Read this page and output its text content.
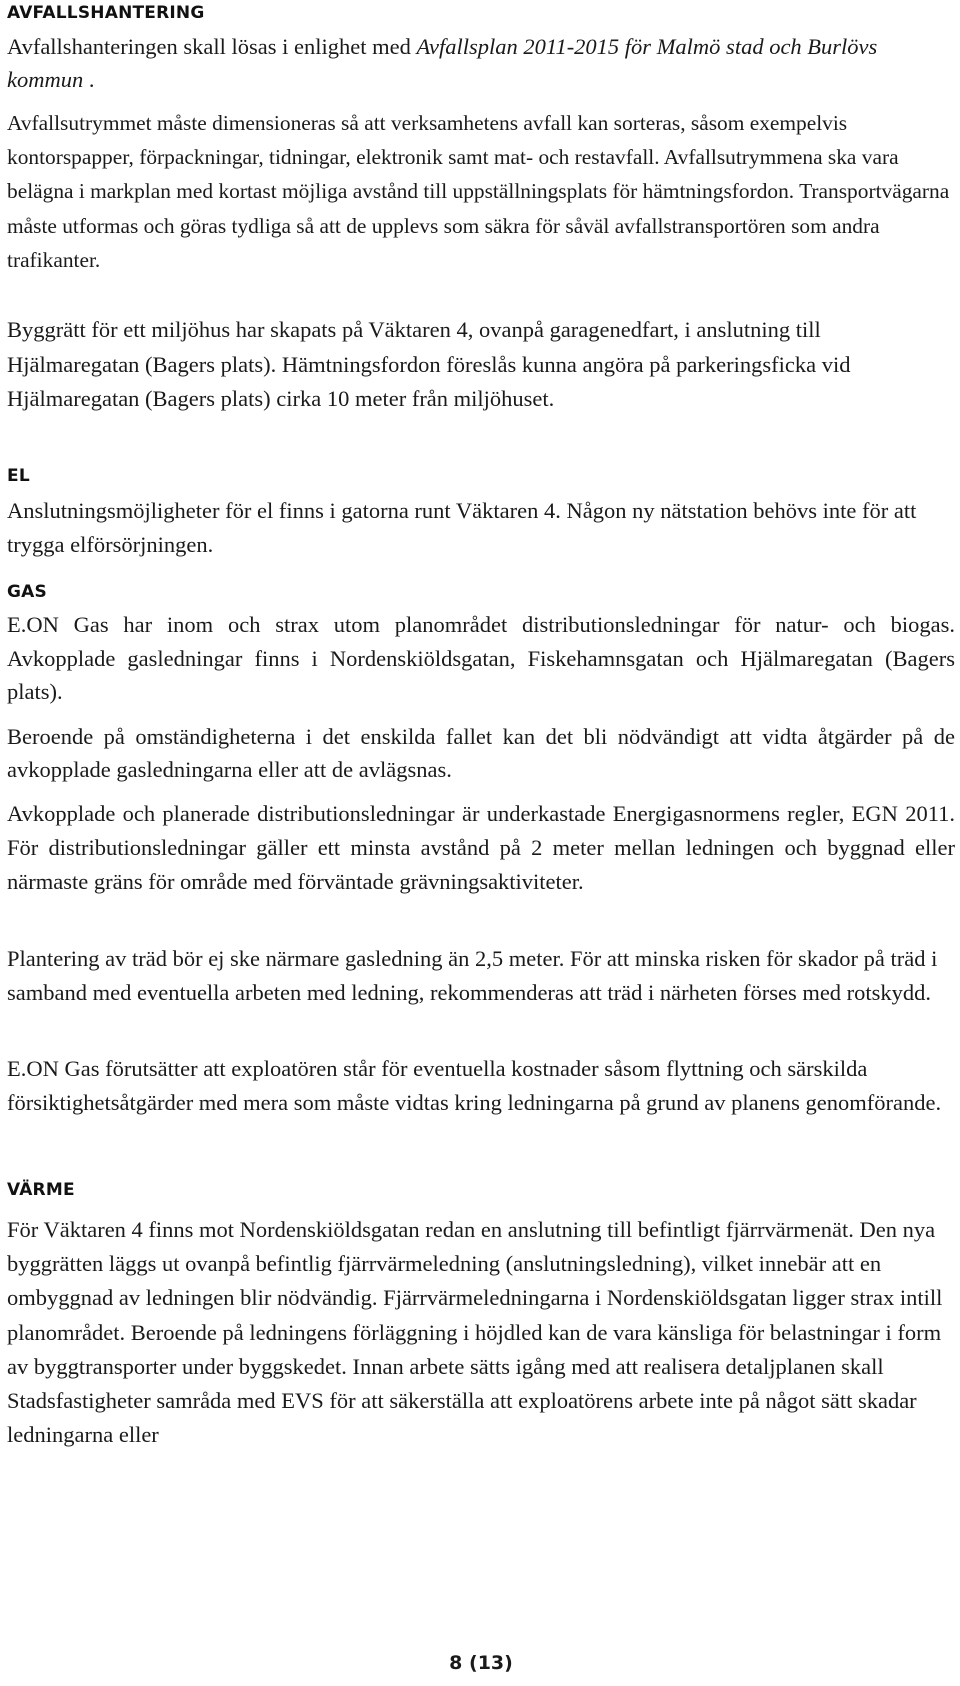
AVFALLSHANTERING

Avfallshanteringen skall lösas i enlighet med Avfallsplan 2011-2015 för Malmö stad och Burlövs kommun .

Avfallsutrymmet måste dimensioneras så att verksamhetens avfall kan sorteras, såsom exempelvis kontorspapper, förpackningar, tidningar, elektronik samt mat- och restavfall. Avfallsutrymmena ska vara belägna i markplan med kortast möjliga avstånd till uppställningsplats för hämtningsfordon. Transportvägarna måste utformas och göras tydliga så att de upplevs som säkra för såväl avfallstransportören som andra trafikanter.

Byggrätt för ett miljöhus har skapats på Väktaren 4, ovanpå garagenedfart, i anslutning till Hjälmaregatan (Bagers plats). Hämtningsfordon föreslås kunna angöra på parkeringsficka vid Hjälmaregatan (Bagers plats) cirka 10 meter från miljöhuset.

EL

Anslutningsmöjligheter för el finns i gatorna runt Väktaren 4. Någon ny nätstation behövs inte för att trygga elförsörjningen.

GAS

E.ON Gas har inom och strax utom planområdet distributionsledningar för natur- och biogas. Avkopplade gasledningar finns i Nordenskiöldsgatan, Fiskehamnsgatan och Hjälmaregatan (Bagers plats).

Beroende på omständigheterna i det enskilda fallet kan det bli nödvändigt att vidta åtgärder på de avkopplade gasledningarna eller att de avlägsnas.

Avkopplade och planerade distributionsledningar är underkastade Energigasnormens regler, EGN 2011. För distributionsledningar gäller ett minsta avstånd på 2 meter mellan ledningen och byggnad eller närmaste gräns för område med förväntade grävningsaktiviteter.

Plantering av träd bör ej ske närmare gasledning än 2,5 meter. För att minska risken för skador på träd i samband med eventuella arbeten med ledning, rekommenderas att träd i närheten förses med rotskydd.

E.ON Gas förutsätter att exploatören står för eventuella kostnader såsom flyttning och särskilda försiktighetsåtgärder med mera som måste vidtas kring ledningarna på grund av planens genomförande.

VÄRME

För Väktaren 4 finns mot Nordenskiöldsgatan redan en anslutning till befintligt fjärrvärmenät. Den nya byggrätten läggs ut ovanpå befintlig fjärrvärmeledning (anslutningsledning), vilket innebär att en ombyggnad av ledningen blir nödvändig. Fjärrvärmeledningarna i Nordenskiöldsgatan ligger strax intill planområdet. Beroende på ledningens förläggning i höjdled kan de vara känsliga för belastningar i form av byggtransporter under byggskedet. Innan arbete sätts igång med att realisera detaljplanen skall Stadsfastigheter samråda med EVS för att säkerställa att exploatörens arbete inte på något sätt skadar ledningarna eller

8 (13)
